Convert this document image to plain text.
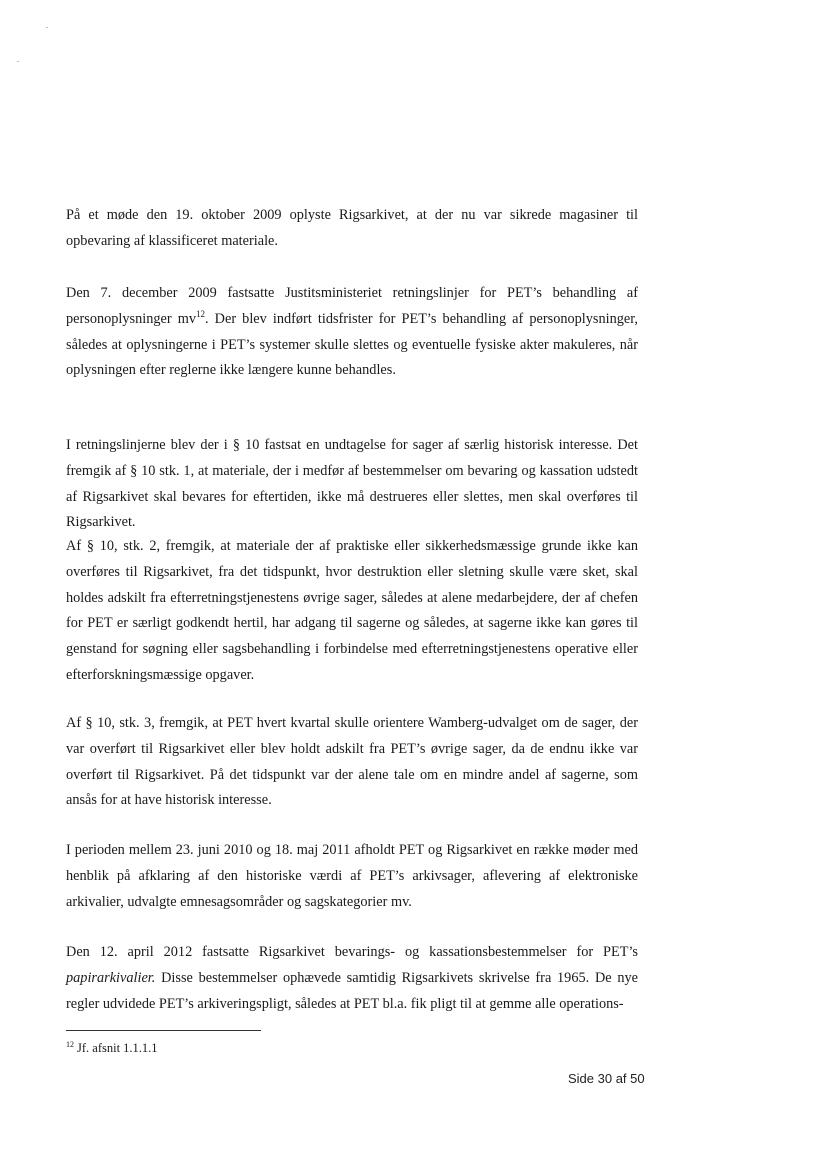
På et møde den 19. oktober 2009 oplyste Rigsarkivet, at der nu var sikrede magasiner til opbevaring af klassificeret materiale.

Den 7. december 2009 fastsatte Justitsministeriet retningslinjer for PET’s behandling af personoplysninger $mv^{12}$. Der blev indført tidsfrister for PET’s behandling af personoplysninger, således at oplysningerne i PET’s systemer skulle slettes og eventuelle fysiske akter makuleres, når oplysningen efter reglerne ikke længere kunne behandles.

I retningslinjerne blev der i § 10 fastsat en undtagelse for sager af særlig historisk interesse. Det fremgik af § 10 stk. 1, at materiale, der i medfør af bestemmelser om bevaring og kassation udstedt af Rigsarkivet skal bevares for eftertiden, ikke må destrueres eller slettes, men skal overføres til Rigsarkivet.

Af § 10, stk. 2, fremgik, at materiale der af praktiske eller sikkerhedsmæssige grunde ikke kan overføres til Rigsarkivet, fra det tidspunkt, hvor destruktion eller sletning skulle være sket, skal holdes adskilt fra efterretningstjenestens øvrige sager, således at alene medarbejdere, der af chefen for PET er særligt godkendt hertil, har adgang til sagerne og således, at sagerne ikke kan gøres til genstand for søgning eller sagsbehandling i forbindelse med efterretningstjenestens operative eller efterforskningsmæssige opgaver.

Af § 10, stk. 3, fremgik, at PET hvert kvartal skulle orientere Wamberg-udvalget om de sager, der var overført til Rigsarkivet eller blev holdt adskilt fra PET’s øvrige sager, da de endnu ikke var overført til Rigsarkivet. På det tidspunkt var der alene tale om en mindre andel af sagerne, som ansås for at have historisk interesse.

I perioden mellem 23. juni 2010 og 18. maj 2011 afholdt PET og Rigsarkivet en række møder med henblik på afklaring af den historiske værdi af PET’s arkivsager, aflevering af elektroniske arkivalier, udvalgte emnesagsområder og sagskategorier mv.

Den 12. april 2012 fastsatte Rigsarkivet bevarings- og kassationsbestemmelser for PET’s papirarkivalier. Disse bestemmelser ophævede samtidig Rigsarkivets skrivelse fra 1965. De nye regler udvidede PET’s arkiveringspligt, således at PET bl.a. fik pligt til at gemme alle operations-

$^{12}$ Jf. afsnit 1.1.1.1

Side 30 af 50
